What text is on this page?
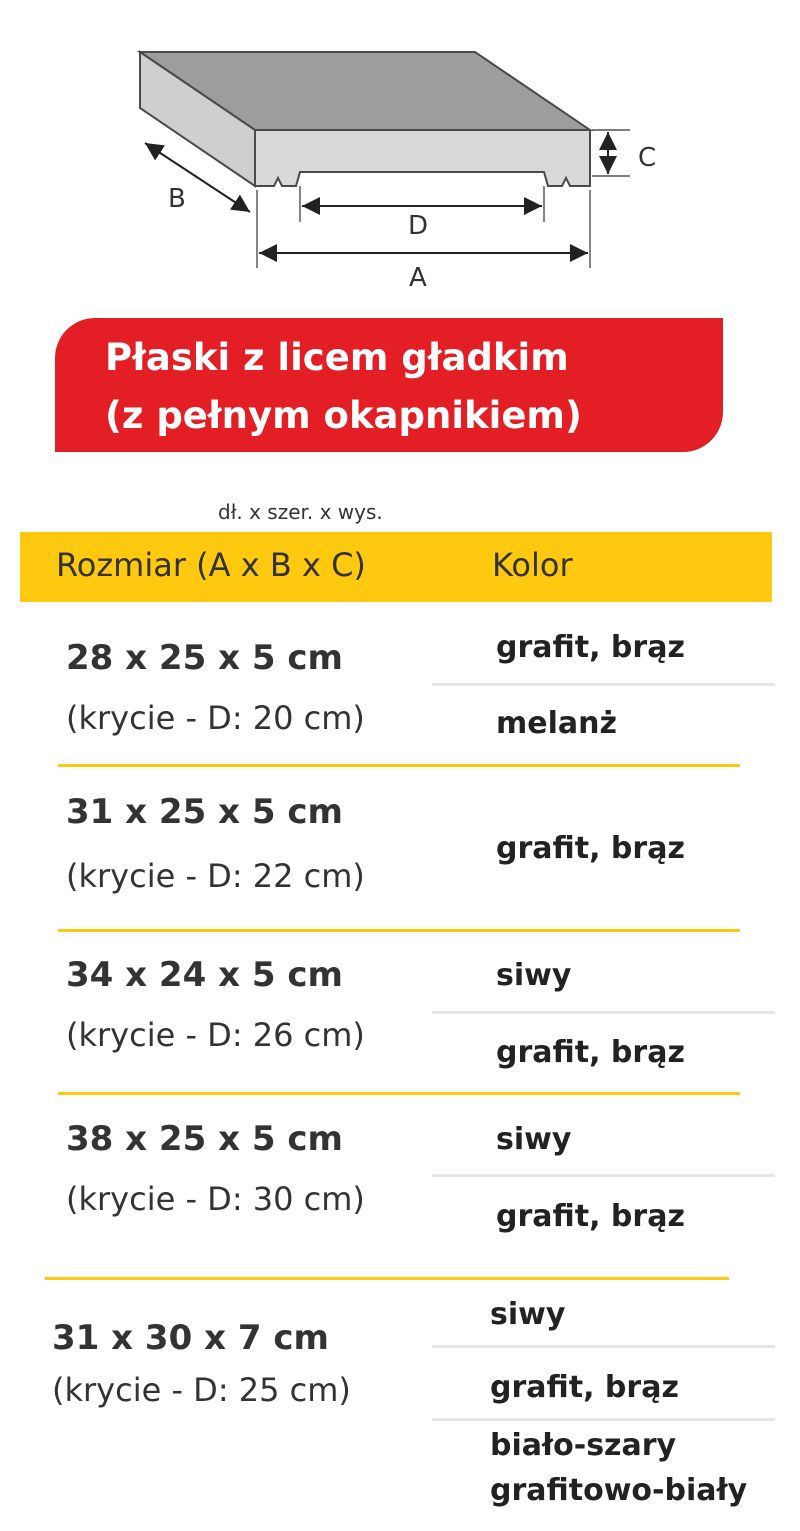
C
B
D
A
Płaski z licem gładkim
(z pełnym okapnikiem)
dł. x szer. x wys.
Rozmiar (A x B x C)	Kolor
28 x 25 x 5 cm
(krycie - D: 20 cm)
grafit, brąz
melanż
31 x 25 x 5 cm
(krycie - D: 22 cm)
grafit, brąz
34 x 24 x 5 cm
(krycie - D: 26 cm)
siwy
grafit, brąz
38 x 25 x 5 cm
(krycie - D: 30 cm)
siwy
grafit, brąz
31 x 30 x 7 cm
(krycie - D: 25 cm)
siwy
grafit, brąz
biało-szary
grafitowo-biały
